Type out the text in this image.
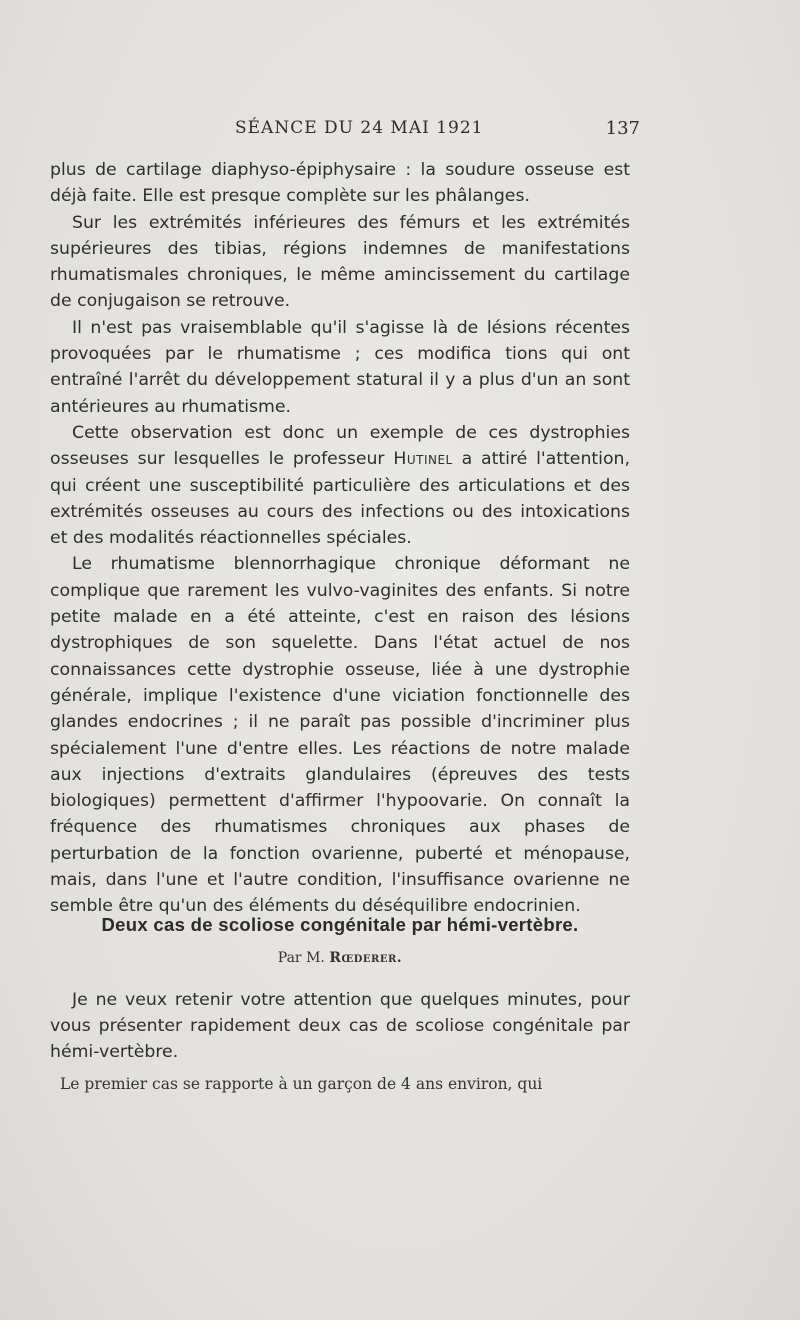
SÉANCE DU 24 MAI 1921	137

plus de cartilage diaphyso-épiphysaire : la soudure osseuse est déjà faite. Elle est presque complète sur les phâlanges.

Sur les extrémités inférieures des fémurs et les extrémités supérieures des tibias, régions indemnes de manifestations rhumatismales chroniques, le même amincissement du cartilage de conjugaison se retrouve.

Il n'est pas vraisemblable qu'il s'agisse là de lésions récentes provoquées par le rhumatisme ; ces modifica tions qui ont entraîné l'arrêt du développement statural il y a plus d'un an sont antérieures au rhumatisme.

Cette observation est donc un exemple de ces dystrophies osseuses sur lesquelles le professeur Hutinel a attiré l'attention, qui créent une susceptibilité particulière des articulations et des extrémités osseuses au cours des infections ou des intoxications et des modalités réactionnelles spéciales.

Le rhumatisme blennorrhagique chronique déformant ne complique que rarement les vulvo-vaginites des enfants. Si notre petite malade en a été atteinte, c'est en raison des lésions dystrophiques de son squelette. Dans l'état actuel de nos connaissances cette dystrophie osseuse, liée à une dystrophie générale, implique l'existence d'une viciation fonctionnelle des glandes endocrines ; il ne paraît pas possible d'incriminer plus spécialement l'une d'entre elles. Les réactions de notre malade aux injections d'extraits glandulaires (épreuves des tests biologiques) permettent d'affirmer l'hypoovarie. On connaît la fréquence des rhumatismes chroniques aux phases de perturbation de la fonction ovarienne, puberté et ménopause, mais, dans l'une et l'autre condition, l'insuffisance ovarienne ne semble être qu'un des éléments du déséquilibre endocrinien.

Deux cas de scoliose congénitale par hémi-vertèbre.
Par M. Rœderer.

Je ne veux retenir votre attention que quelques minutes, pour vous présenter rapidement deux cas de scoliose congénitale par hémi-vertèbre.

Le premier cas se rapporte à un garçon de 4 ans environ, qui
